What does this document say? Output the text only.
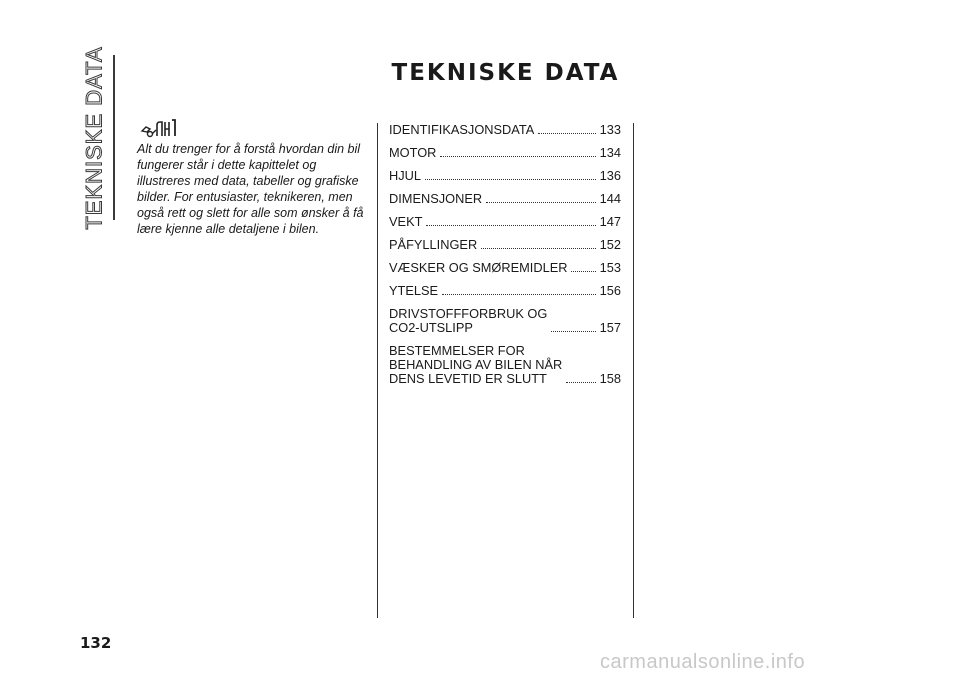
TEKNISKE DATA	TEKNISKE DATA
Alt du trenger for å forstå hvordan din bil fungerer står i dette kapittelet og illustreres med data, tabeller og grafiske bilder. For entusiaster, teknikeren, men også rett og slett for alle som ønsker å få lære kjenne alle detaljene i bilen.
IDENTIFIKASJONSDATA	133
MOTOR	134
HJUL	136
DIMENSJONER	144
VEKT	147
PÅFYLLINGER	152
VÆSKER OG SMØREMIDLER	153
YTELSE	156
DRIVSTOFFFORBRUK OG
CO2-UTSLIPP	157
BESTEMMELSER FOR
BEHANDLING AV BILEN NÅR
DENS LEVETID ER SLUTT	158
132
carmanualsonline.info
